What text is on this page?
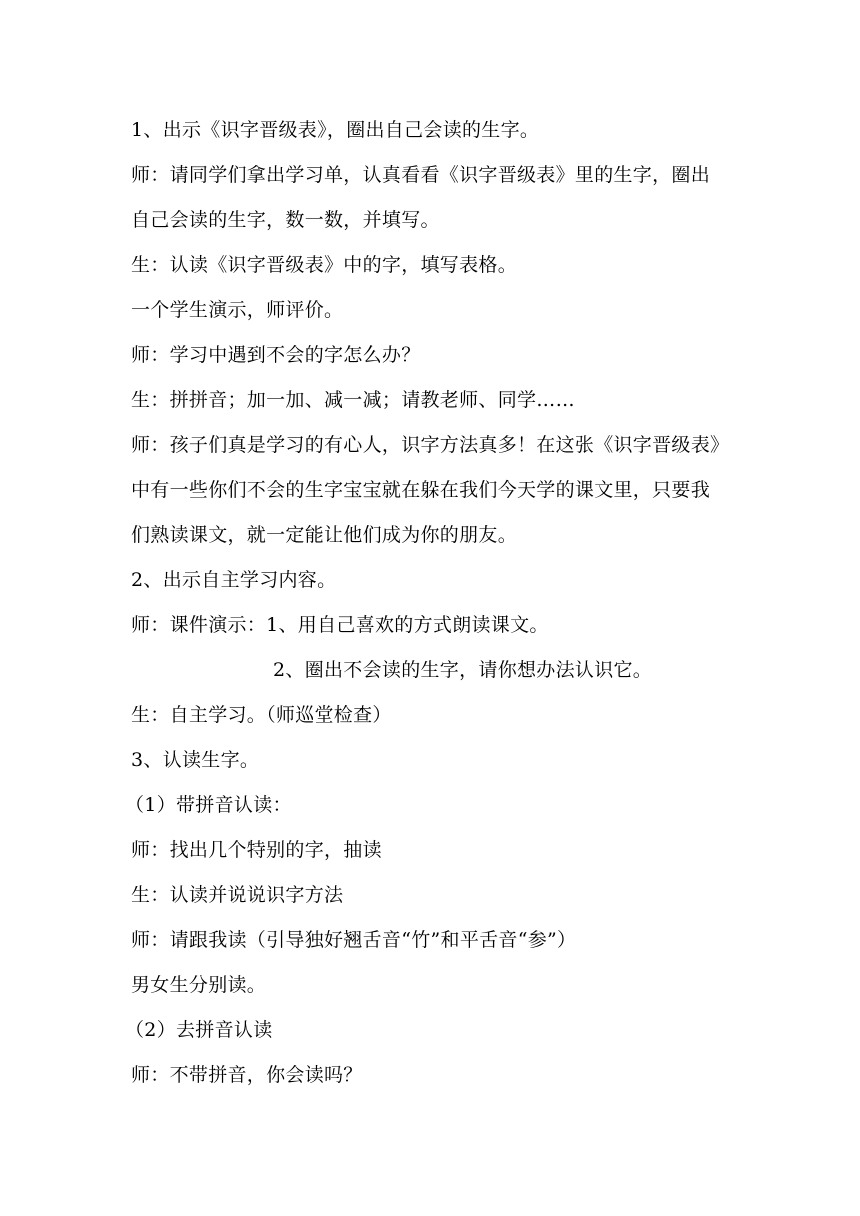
1、出示《识字晋级表》，圈出自己会读的生字。
师：请同学们拿出学习单，认真看看《识字晋级表》里的生字，圈出
自己会读的生字，数一数，并填写。
生：认读《识字晋级表》中的字，填写表格。
一个学生演示，师评价。
师：学习中遇到不会的字怎么办？
生：拼拼音；加一加、减一减；请教老师、同学……
师：孩子们真是学习的有心人，识字方法真多！在这张《识字晋级表》
中有一些你们不会的生字宝宝就在躲在我们今天学的课文里，只要我
们熟读课文，就一定能让他们成为你的朋友。
2、出示自主学习内容。
师：课件演示：1、用自己喜欢的方式朗读课文。
2、圈出不会读的生字，请你想办法认识它。
生：自主学习。（师巡堂检查）
3、认读生字。
（1）带拼音认读：
师：找出几个特别的字，抽读
生：认读并说说识字方法
师：请跟我读（引导独好翘舌音“竹”和平舌音“参”）
男女生分别读。
（2）去拼音认读
师：不带拼音，你会读吗？
